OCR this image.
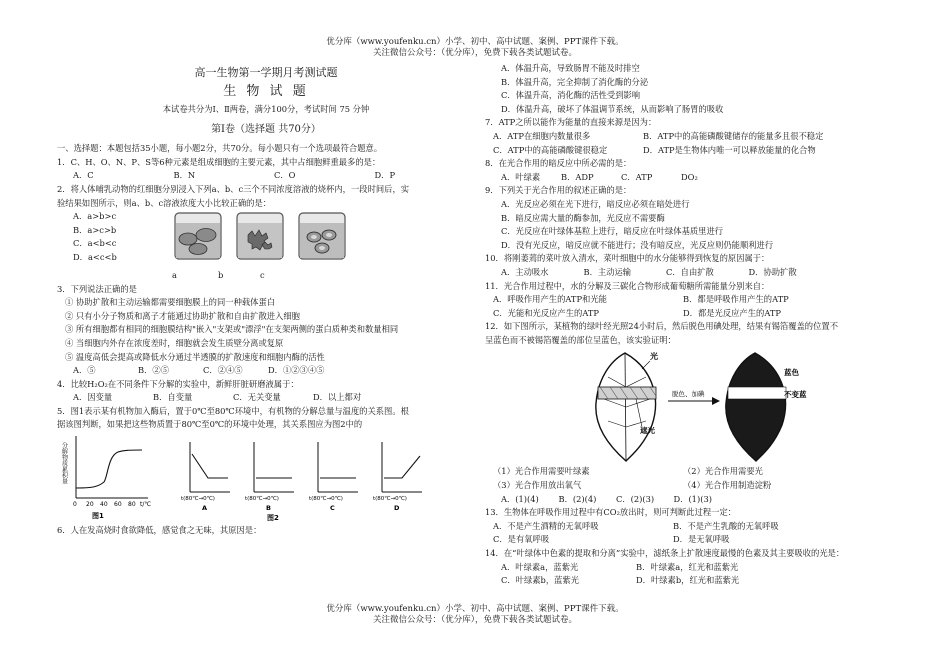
优分库（www.youfenku.cn）小学、初中、高中试题、案例、PPT课件下载。
关注微信公众号：（优分库），免费下载各类试题试卷。
高一生物第一学期月考测试题
生 物 试 题
本试卷共分为Ⅰ、Ⅱ两卷，满分100分，考试时间 75 分钟
第Ⅰ卷（选择题 共70分）
一、选择题：本题包括35小题，每小题2分，共70分。每小题只有一个选项最符合题意。
1．C、H、O、N、P、S等6种元素是组成细胞的主要元素，其中占细胞鲜重最多的是：
A．C	B．N	C．O	D．P
2．将人体哺乳动物的红细胞分别浸入下列a、b、c三个不同浓度溶液的烧杯内，一段时间后，实
验结果如图所示，则a、b、c溶液浓度大小比较正确的是：
A．a>b>c
B．a>c>b
C．a<b<c
D．a<c<b
a	b	c
3．下列说法正确的是
① 协助扩散和主动运输都需要细胞膜上的同一种载体蛋白
② 只有小分子物质和离子才能通过协助扩散和自由扩散进入细胞
③ 所有细胞都有相同的细胞膜结构"嵌入"支架或"漂浮"在支架两侧的蛋白质种类和数量相同
④ 当细胞内外存在浓度差时，细胞就会发生质壁分离或复原
⑤ 温度高低会提高或降低水分通过半透膜的扩散速度和细胞内酶的活性
A．⑤	B．②⑤	C．②④⑤	D．①②③④⑤
4．比较H₂O₂在不同条件下分解的实验中，新鲜肝脏研磨液属于：
A．因变量	B．自变量	C．无关变量	D．以上都对
5．图1表示某有机物加入酶后，置于0℃至80℃环境中，有机物的分解总量与温度的关系图。根
据该图判断，如果把这些物质置于80℃至0℃的环境中处理，其关系图应为图2中的
分解物质累积量
0 20 40 60 80 t/℃
图1
t(80℃→0℃)
A
t(80℃→0℃)
B
图2
t(80℃→0℃)
C
t(80℃→0℃)
D
6．人在发高烧时食欲降低，感觉食之无味，其原因是：
A．体温升高，导致肠胃不能及时排空
B．体温升高，完全抑制了消化酶的分泌
C．体温升高，消化酶的活性受到影响
D．体温升高，破坏了体温调节系统，从而影响了肠胃的吸收
7．ATP之所以能作为能量的直接来源是因为：
A．ATP在细胞内数量很多	B．ATP中的高能磷酸键储存的能量多且很不稳定
C．ATP中的高能磷酸键很稳定	D．ATP是生物体内唯一可以释放能量的化合物
8．在光合作用的暗反应中所必需的是：
A．叶绿素	B．ADP	C．ATP	DO₂
9．下列关于光合作用的叙述正确的是：
A．光反应必须在光下进行，暗反应必须在暗处进行
B．暗反应需大量的酶参加，光反应不需要酶
C．光反应在叶绿体基粒上进行，暗反应在叶绿体基质里进行
D．没有光反应，暗反应就不能进行；没有暗反应，光反应则仍能顺利进行
10．将刚萎蔫的菜叶放入清水，菜叶细胞中的水分能够得到恢复的原因属于：
A．主动吸水	B．主动运输	C．自由扩散	D．协助扩散
11．光合作用过程中，水的分解及三碳化合物形成葡萄糖所需能量分别来自：
A．呼吸作用产生的ATP和光能	B．都是呼吸作用产生的ATP
C．光能和光反应产生的ATP	D．都是光反应产生的ATP
12．如下图所示，某植物的绿叶经光照24小时后，然后脱色用碘处理，结果有锡箔覆盖的位置不
呈蓝色而不被锡箔覆盖的部位呈蓝色，该实验证明：
光
遮光
脱色、加碘
蓝色
不变蓝
（1）光合作用需要叶绿素	（2）光合作用需要光
（3）光合作用放出氧气	（4）光合作用制造淀粉
A．(1)(4)	B．(2)(4)	C．(2)(3)	D．(1)(3)
13．生物体在呼吸作用过程中有CO₂放出时，则可判断此过程一定：
A．不是产生酒精的无氧呼吸	B．不是产生乳酸的无氧呼吸
C．是有氧呼吸	D．是无氧呼吸
14．在“叶绿体中色素的提取和分离”实验中，滤纸条上扩散速度最慢的色素及其主要吸收的光是：
A．叶绿素a，蓝紫光	B．叶绿素a，红光和蓝紫光
C．叶绿素b，蓝紫光	D．叶绿素b，红光和蓝紫光
优分库（www.youfenku.cn）小学、初中、高中试题、案例、PPT课件下载。
关注微信公众号：（优分库），免费下载各类试题试卷。
